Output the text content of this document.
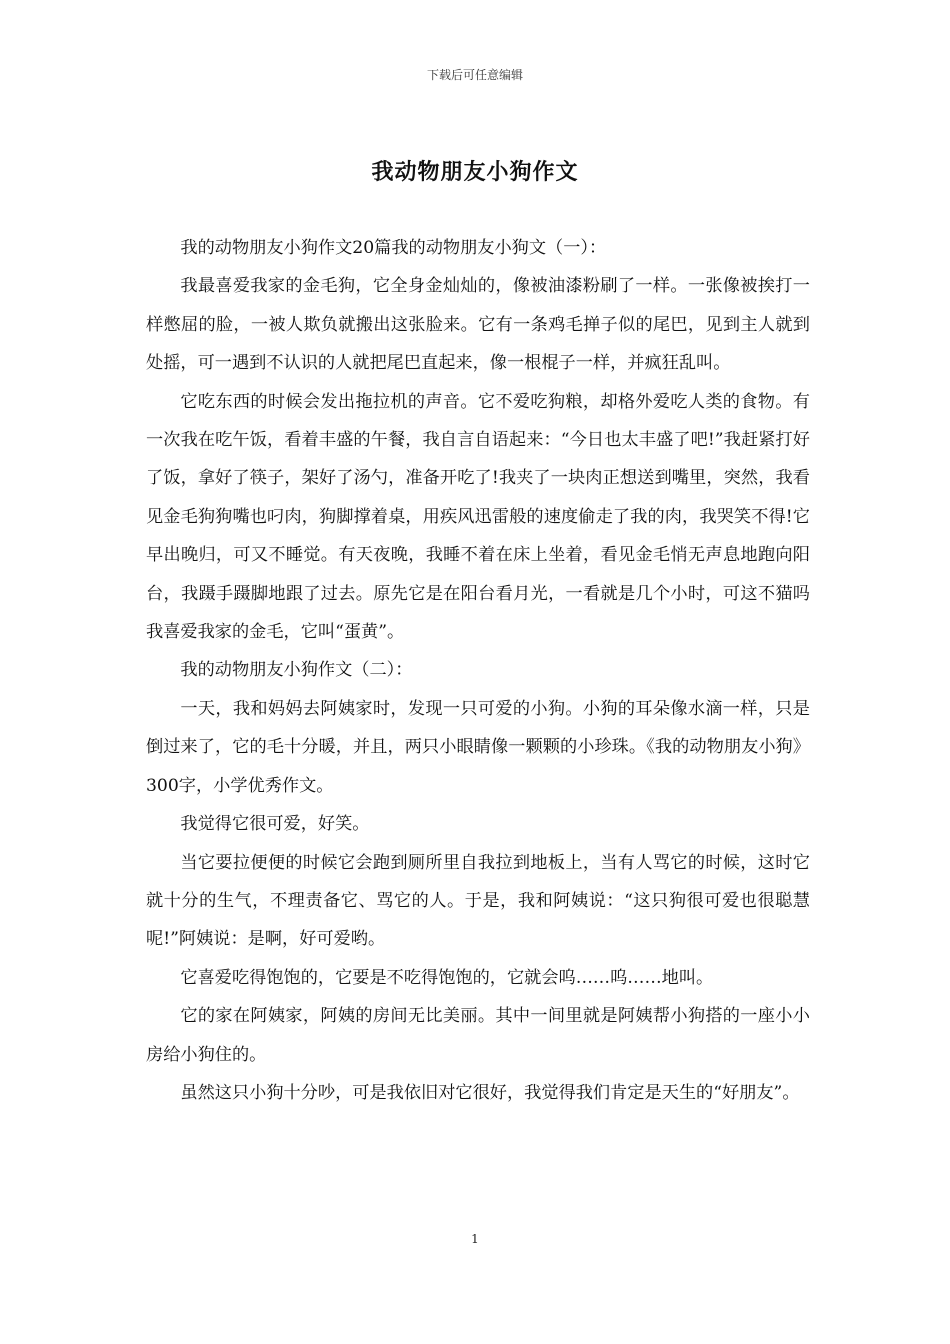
下载后可任意编辑
我动物朋友小狗作文

我的动物朋友小狗作文20篇我的动物朋友小狗文（一）：

我最喜爱我家的金毛狗，它全身金灿灿的，像被油漆粉刷了一样。一张像被挨打一样憋屈的脸，一被人欺负就搬出这张脸来。它有一条鸡毛掸子似的尾巴，见到主人就到处摇，可一遇到不认识的人就把尾巴直起来，像一根棍子一样，并疯狂乱叫。

它吃东西的时候会发出拖拉机的声音。它不爱吃狗粮，却格外爱吃人类的食物。有一次我在吃午饭，看着丰盛的午餐，我自言自语起来：“今日也太丰盛了吧!”我赶紧打好了饭，拿好了筷子，架好了汤勺，准备开吃了!我夹了一块肉正想送到嘴里，突然，我看见金毛狗狗嘴也叼肉，狗脚撑着桌，用疾风迅雷般的速度偷走了我的肉，我哭笑不得!它早出晚归，可又不睡觉。有天夜晚，我睡不着在床上坐着，看见金毛悄无声息地跑向阳台，我蹑手蹑脚地跟了过去。原先它是在阳台看月光，一看就是几个小时，可这不猫吗我喜爱我家的金毛，它叫“蛋黄”。

我的动物朋友小狗作文（二）：

一天，我和妈妈去阿姨家时，发现一只可爱的小狗。小狗的耳朵像水滴一样，只是倒过来了，它的毛十分暖，并且，两只小眼睛像一颗颗的小珍珠。《我的动物朋友小狗》300字，小学优秀作文。

我觉得它很可爱，好笑。

当它要拉便便的时候它会跑到厕所里自我拉到地板上，当有人骂它的时候，这时它就十分的生气，不理责备它、骂它的人。于是，我和阿姨说：“这只狗很可爱也很聪慧呢!”阿姨说：是啊，好可爱哟。

它喜爱吃得饱饱的，它要是不吃得饱饱的，它就会呜……呜……地叫。

它的家在阿姨家，阿姨的房间无比美丽。其中一间里就是阿姨帮小狗搭的一座小小房给小狗住的。

虽然这只小狗十分吵，可是我依旧对它很好，我觉得我们肯定是天生的“好朋友”。

1
